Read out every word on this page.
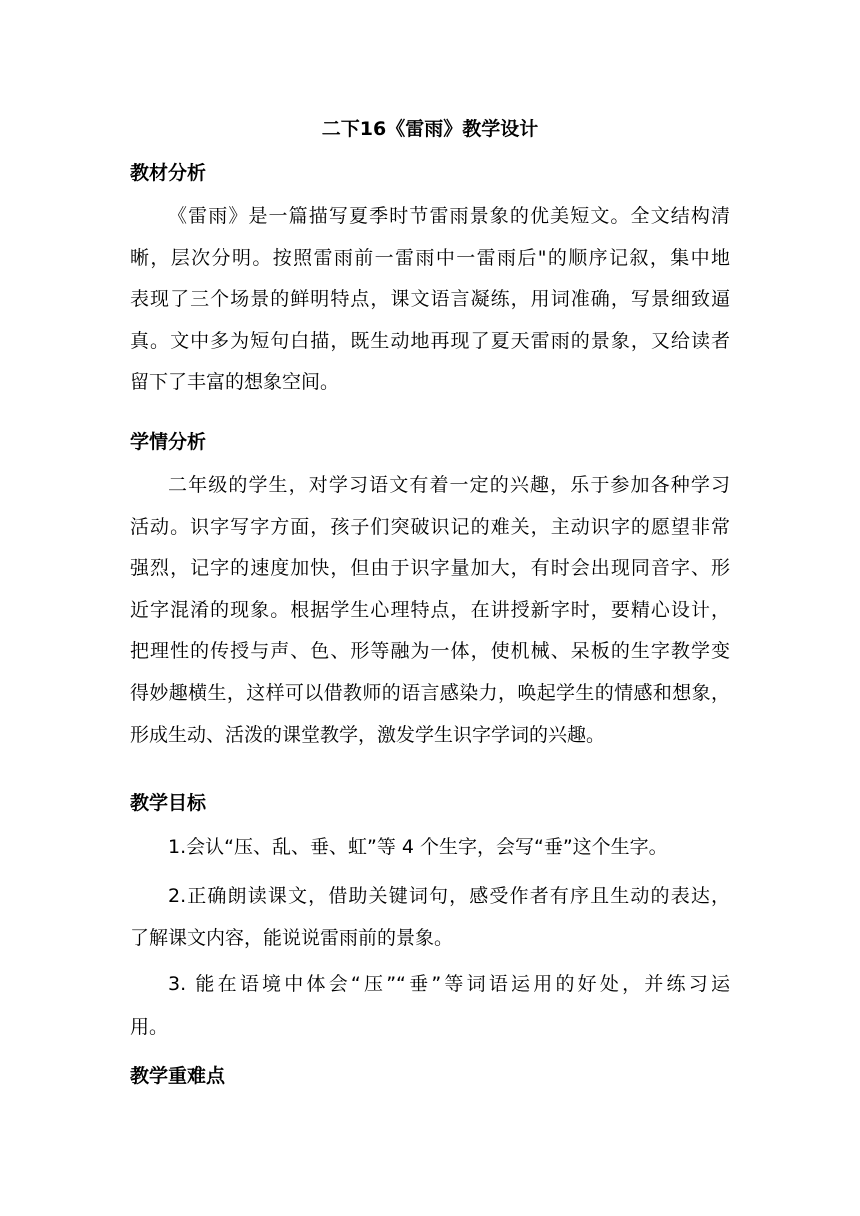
二下16《雷雨》教学设计
教材分析
《雷雨》是一篇描写夏季时节雷雨景象的优美短文。全文结构清
晰，层次分明。按照雷雨前一雷雨中一雷雨后"的顺序记叙，集中地
表现了三个场景的鲜明特点，课文语言凝练，用词准确，写景细致逼
真。文中多为短句白描，既生动地再现了夏天雷雨的景象，又给读者
留下了丰富的想象空间。
学情分析
二年级的学生，对学习语文有着一定的兴趣，乐于参加各种学习
活动。识字写字方面，孩子们突破识记的难关，主动识字的愿望非常
强烈，记字的速度加快，但由于识字量加大，有时会出现同音字、形
近字混淆的现象。根据学生心理特点，在讲授新字时，要精心设计，
把理性的传授与声、色、形等融为一体，使机械、呆板的生字教学变
得妙趣横生，这样可以借教师的语言感染力，唤起学生的情感和想象，
形成生动、活泼的课堂教学，激发学生识字学词的兴趣。
教学目标
1.会认“压、乱、垂、虹”等 4 个生字，会写“垂”这个生字。
2.正确朗读课文，借助关键词句，感受作者有序且生动的表达，
了解课文内容，能说说雷雨前的景象。
3. 能在语境中体会“压”“垂”等词语运用的好处，并练习运
用。
教学重难点
